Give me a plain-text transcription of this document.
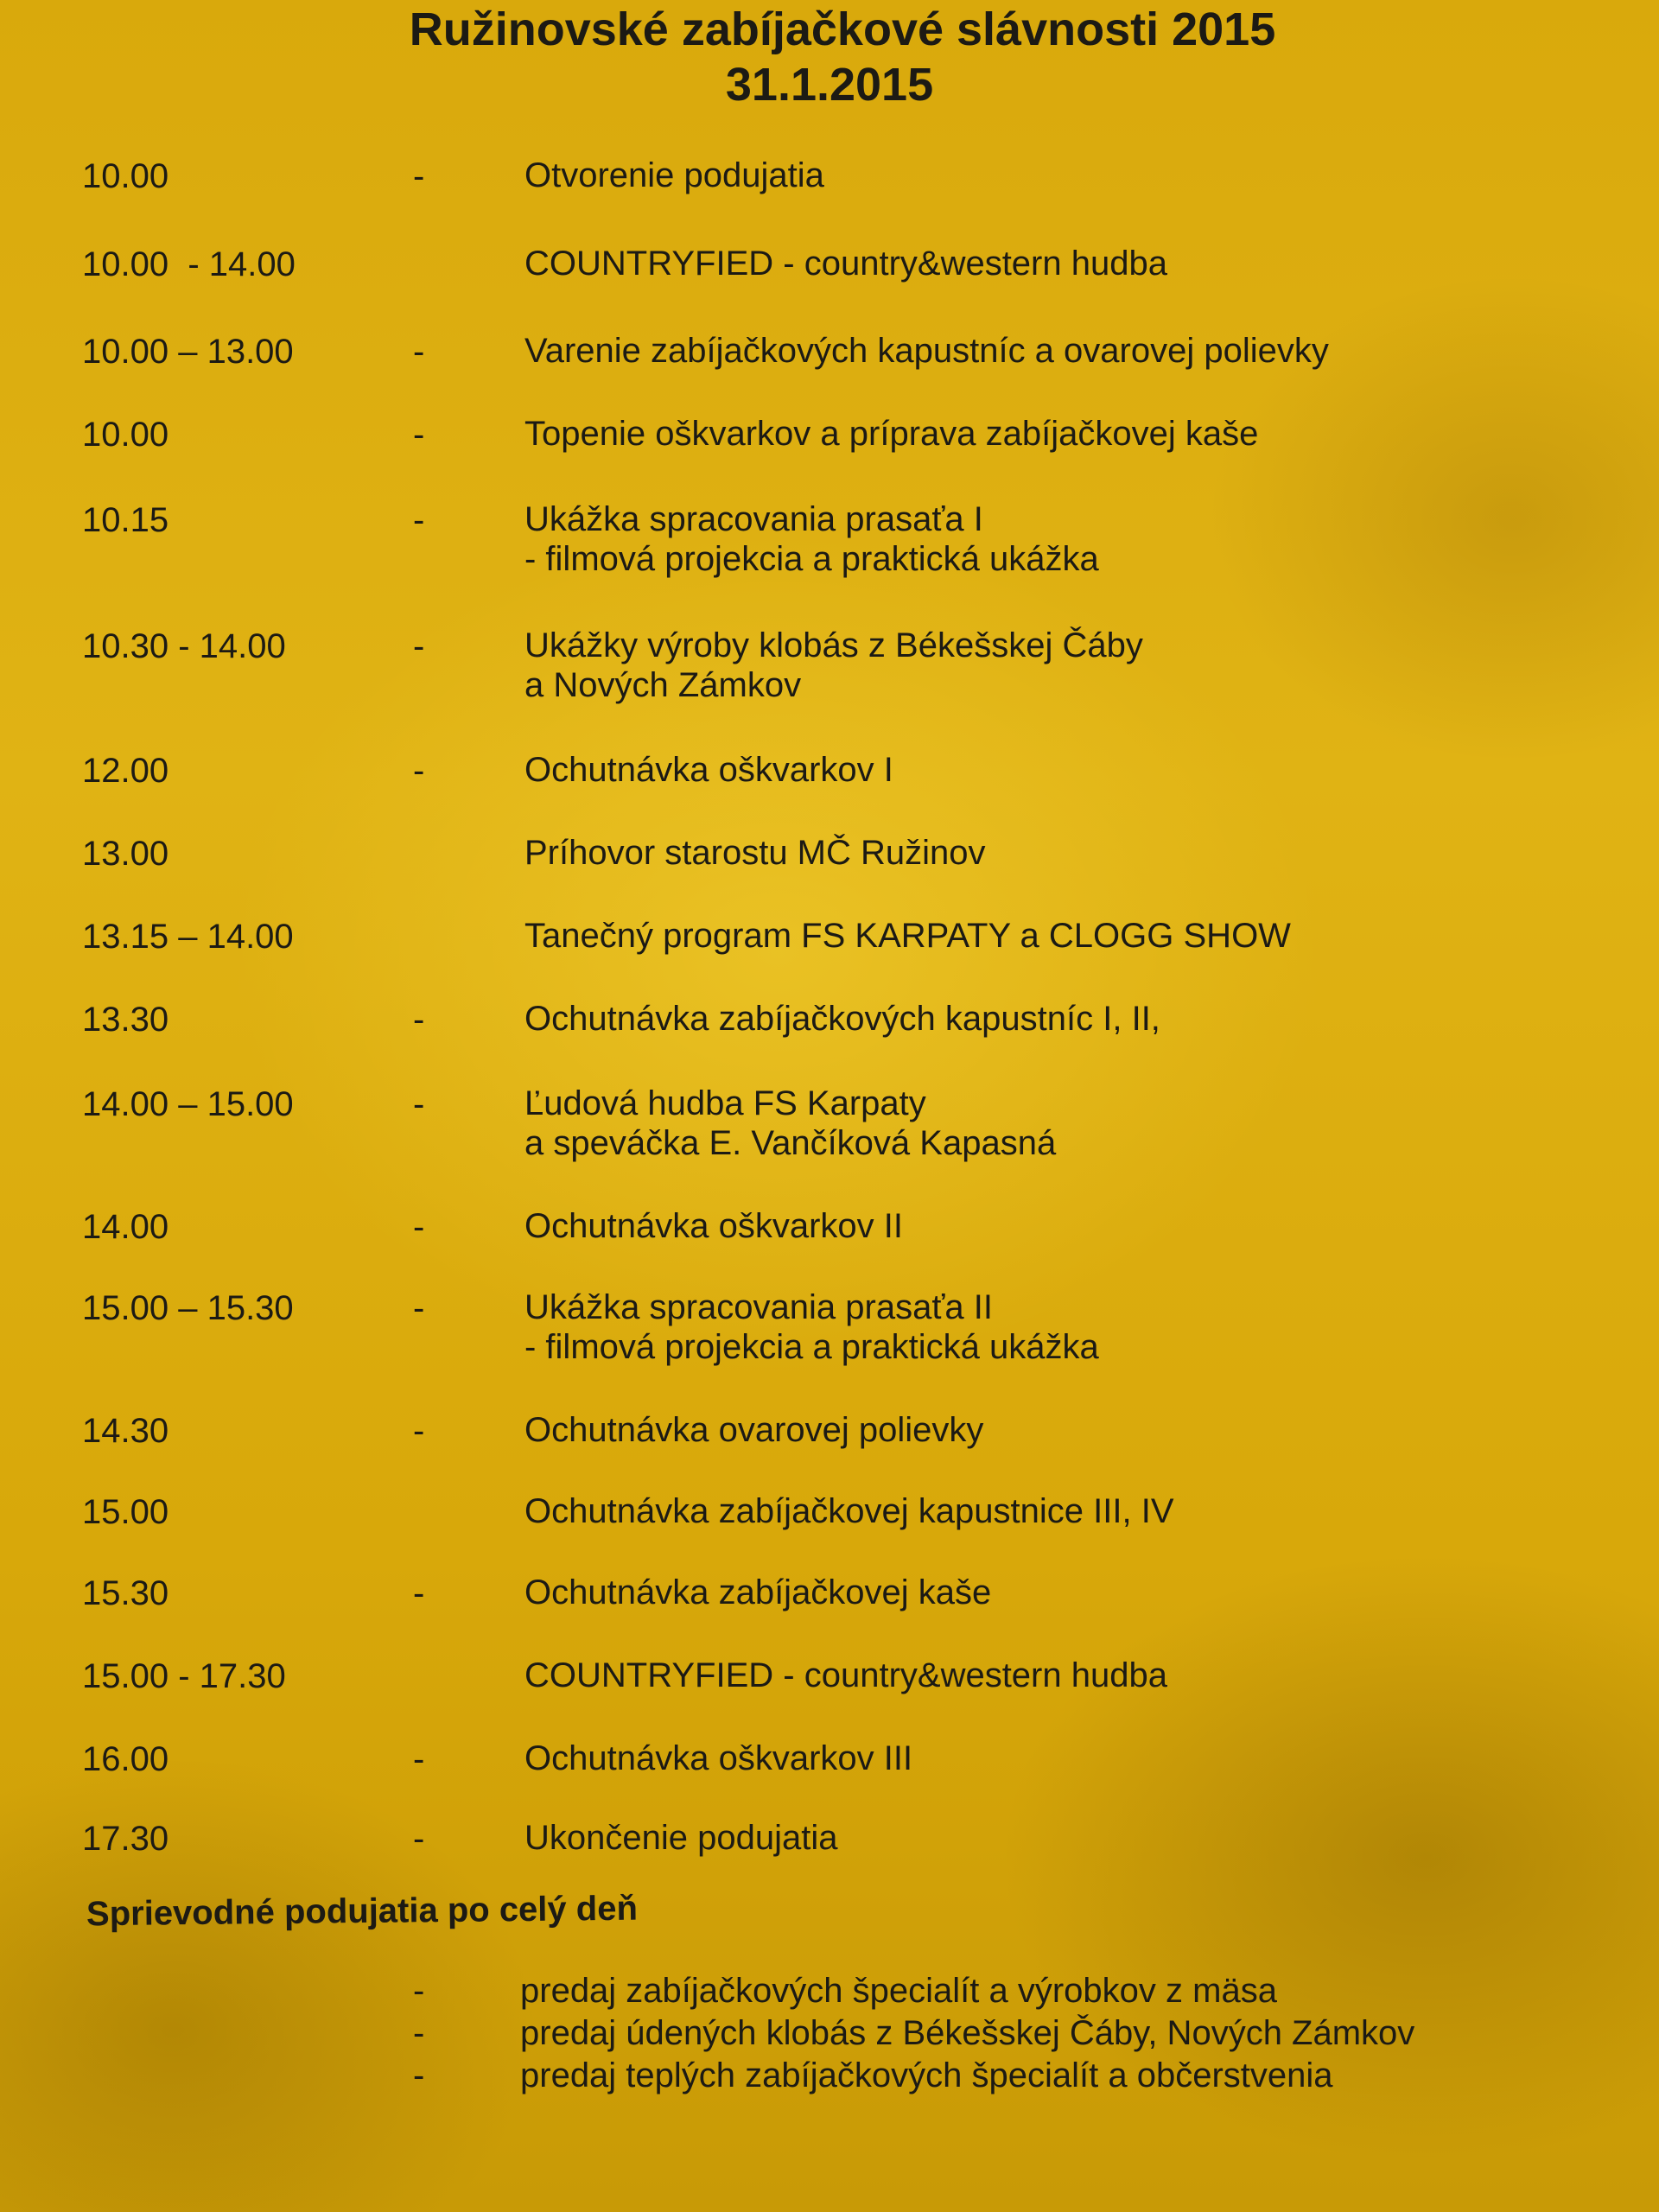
Ružinovské zabíjačkové slávnosti 2015
31.1.2015
10.00	-	Otvorenie podujatia
10.00  - 14.00	COUNTRYFIED - country&western hudba
10.00 – 13.00	-	Varenie zabíjačkových kapustníc a ovarovej polievky
10.00	-	Topenie oškvarkov a príprava zabíjačkovej kaše
10.15	-	Ukážka spracovania prasaťa I
- filmová projekcia a praktická ukážka
10.30 - 14.00	-	Ukážky výroby klobás z Békešskej Čáby
a Nových Zámkov
12.00	-	Ochutnávka oškvarkov I
13.00	Príhovor starostu MČ Ružinov
13.15 – 14.00	Tanečný program FS KARPATY a CLOGG SHOW
13.30	-	Ochutnávka zabíjačkových kapustníc I, II,
14.00 – 15.00	-	Ľudová hudba FS Karpaty
a speváčka E. Vančíková Kapasná
14.00	-	Ochutnávka oškvarkov II
15.00 – 15.30	-	Ukážka spracovania prasaťa II
- filmová projekcia a praktická ukážka
14.30	-	Ochutnávka ovarovej polievky
15.00	Ochutnávka zabíjačkovej kapustnice III, IV
15.30	-	Ochutnávka zabíjačkovej kaše
15.00 - 17.30	COUNTRYFIED - country&western hudba
16.00	-	Ochutnávka oškvarkov III
17.30	-	Ukončenie podujatia
Sprievodné podujatia po celý deň
-	predaj zabíjačkových špecialít a výrobkov z mäsa
-	predaj údených klobás z Békešskej Čáby, Nových Zámkov
-	predaj teplých zabíjačkových špecialít a občerstvenia
